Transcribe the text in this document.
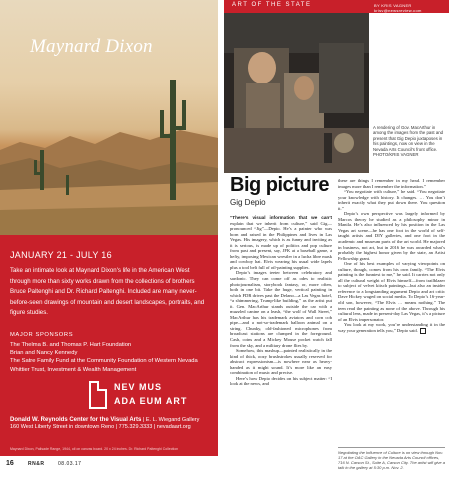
Maynard Dixon
JANUARY 21 - JULY 16
Take an intimate look at Maynard Dixon's life in the American West through more than sixty works drawn from the collections of brothers Bruce Paltenghi and Dr. Richard Paltenghi. Included are many never-before-seen drawings of mountain and desert landscapes, portraits, and figure studies.
MAJOR SPONSORS
The Thelma B. and Thomas P. Hart Foundation
Brian and Nancy Kennedy
The Satre Family Fund at the Community Foundation of Western Nevada
Whittier Trust, Investment & Wealth Management
NEV MUS
ADA EUM ART
Donald W. Reynolds Center for the Visual Arts | E. L. Wiegand Gallery
160 West Liberty Street in downtown Reno | 775.329.3333 | nevadaart.org
Maynard Dixon, Palisade Range, 1944, oil on canvas board. 20 x 24 inches. Dr. Richard Paltenghi Collection
16	RN&R	08.03.17
ART OF THE STATE	BY KRIS VAGNER krisv@newsreview.com
A rendering of Gov. MacArthur in among the images from the past and present that Gig Depio juxtaposes in his paintings, now on view in the Nevada Arts Council's front office. PHOTO/KRIS VAGNER
Big picture
Gig Depio

“There’s visual information that we can’t explain that we inherit from culture,” said Gig—pronounced “Jig”—Depio. He’s a painter who was born and raised in the Philippines and lives in Las Vegas. His imagery, which is as funny and inviting as it is serious, is made up of politics and pop culture from past and present, say, JFK at a baseball game, a hefty, imposing Mexican wrestler in a lucha libre mask and cowboy hat. Elvis wearing his usual wide lapels plus a tool belt full of oil-painting supplies.

Depio’s images teeter between celebratory and sardonic. They can come off as odes to realistic photojournalism, storybook fantasy, or, more often, both in one bit. Take the huge, vertical painting in which FDR drives past the Delano—a Las Vegas hotel, “a shimmering, Trump-like building,” as the artist put it. Gen. MacArthur stands outside the car with a muzzled canine on a leash, “the wolf of Wall Street,” MacArthur has his trademark aviators and corn cob pipe—and a not-so-trademark balloon animal on a string. Chunky, old-fashioned microphones from broadcast stations are clumped in the foreground. Cash, coins and a Mickey Mouse pocket watch fall from the sky, and a military drone flies by.

Somehow, this mashup—painted realistically in the kind of thick, oozy brushstrokes usually reserved for abstract expressionism—is nowhere near as heavy-handed as it might sound. It’s more like an easy combination of music and precise.

Here’s how Depio decides on his subject matter: “I look at the news, and

these are things I remember in my head. I remember images more than I remember the information.”

“You negotiate with culture,” he said. “You negotiate your knowledge with history. It changes. … You don’t inherit exactly what they put down there. You question it.”

Depio’s own perspective was largely informed by Marcos theory he studied as a philosophy minor in Manila. He’s also influenced by his position in the Las Vegas art scene—he has one foot in the world of self-taught artists and DIY galleries, and one foot in the academic and museum parts of the art world. He majored in business, not art, but in 2016 he was awarded what’s probably the highest honor given by the state, an Artist Fellowship grant.

One of his best examples of varying viewpoints on culture, though, comes from his own family. “The Elvis painting is the funniest to me,” he said. It carries not only all the cultural weight of Elvis himself—from trailblazer to subject of velvet kitsch paintings—but also an insider reference to a longstanding argument Depio and art critic Dave Hickey waged on social media. To Depio’s 16-year-old son, however, “The Elvis … means nothing.” The teen read the painting as none of the above. Through his cultural lens, made in present-day Las Vegas, it’s a picture of an Elvis impersonator.

You look at my work, you’re understanding it in the way your generation tells you,” Depio said.

Negotiating the Influence of Culture is on view through Nov. 17 at the OAC Gallery in the Nevada Arts Council offices, 716 N. Carson St., Suite A, Carson City. The artist will give a talk in the gallery at 5:30 p.m. Nov. 2.
